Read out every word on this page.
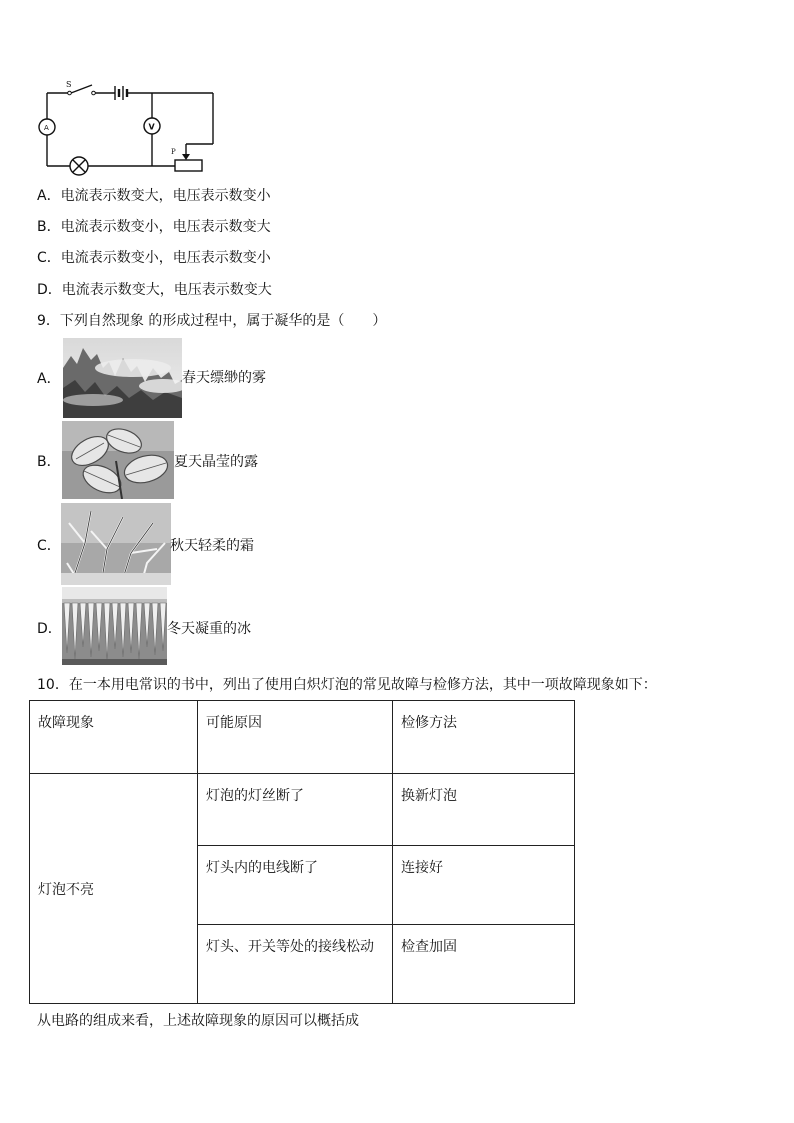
S
A	V
P
A．电流表示数变大，电压表示数变小
B．电流表示数变小，电压表示数变大
C．电流表示数变小，电压表示数变小
D．电流表示数变大，电压表示数变大
9．下列自然现象 的形成过程中，属于凝华的是（　　）
A．	春天缥缈的雾
B．	夏天晶莹的露
C．	秋天轻柔的霜
D．	冬天凝重的冰
10．在一本用电常识的书中，列出了使用白炽灯泡的常见故障与检修方法，其中一项故障现象如下：
故障现象	可能原因	检修方法

灯泡不亮	灯泡的灯丝断了	换新灯泡

	灯头内的电线断了	连接好

	灯头、开关等处的接线松动	检查加固
从电路的组成来看，上述故障现象的原因可以概括成
